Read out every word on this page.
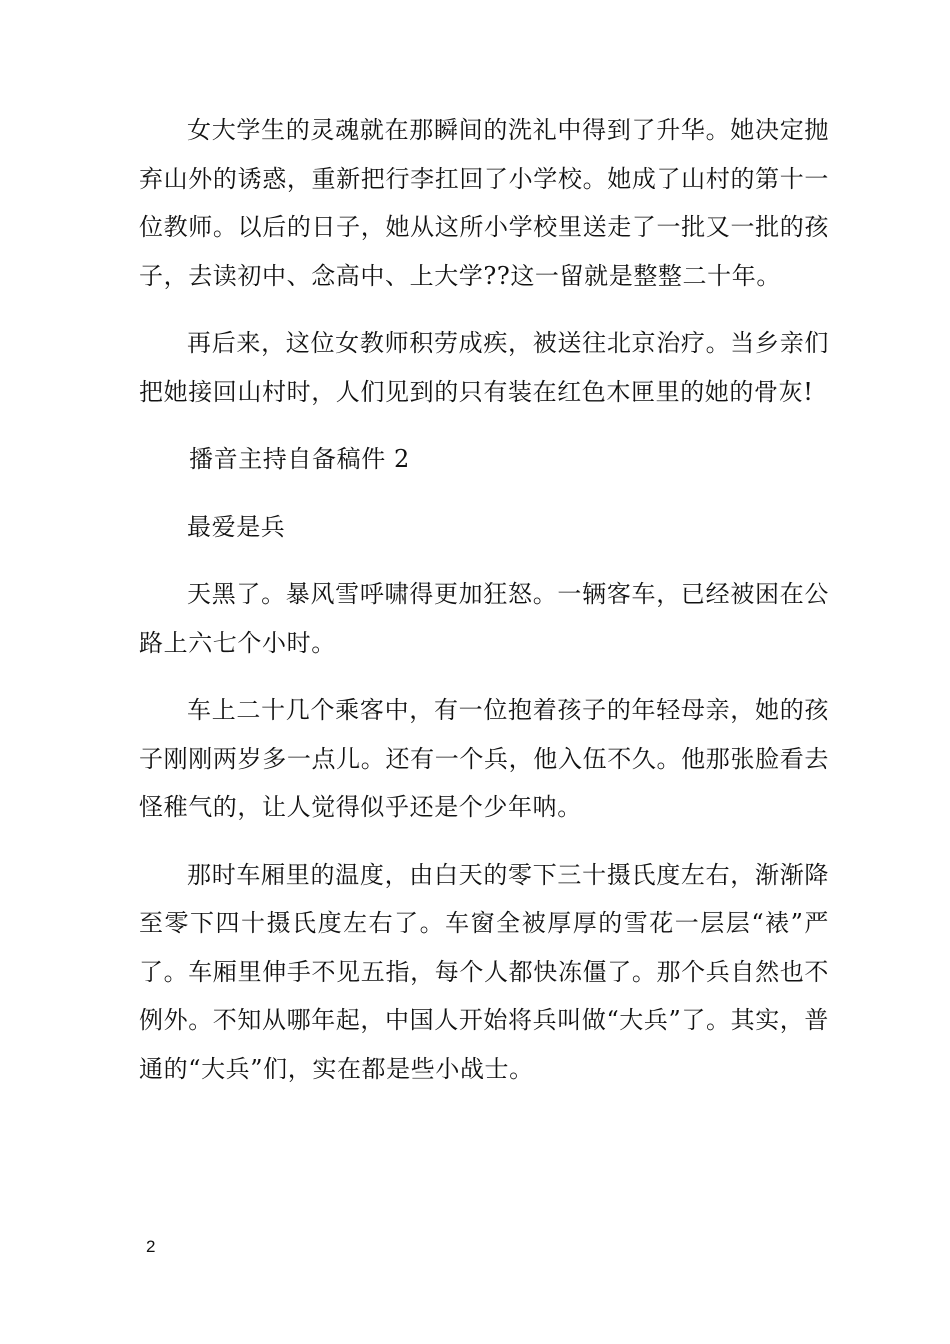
女大学生的灵魂就在那瞬间的洗礼中得到了升华。她决定抛弃山外的诱惑，重新把行李扛回了小学校。她成了山村的第十一位教师。以后的日子，她从这所小学校里送走了一批又一批的孩子，去读初中、念高中、上大学??这一留就是整整二十年。

再后来，这位女教师积劳成疾，被送往北京治疗。当乡亲们把她接回山村时，人们见到的只有装在红色木匣里的她的骨灰!

播音主持自备稿件 2

最爱是兵

天黑了。暴风雪呼啸得更加狂怒。一辆客车，已经被困在公路上六七个小时。

车上二十几个乘客中，有一位抱着孩子的年轻母亲，她的孩子刚刚两岁多一点儿。还有一个兵，他入伍不久。他那张脸看去怪稚气的，让人觉得似乎还是个少年呐。

那时车厢里的温度，由白天的零下三十摄氏度左右，渐渐降至零下四十摄氏度左右了。车窗全被厚厚的雪花一层层“裱”严了。车厢里伸手不见五指，每个人都快冻僵了。那个兵自然也不例外。不知从哪年起，中国人开始将兵叫做“大兵”了。其实，普通的“大兵”们，实在都是些小战士。

2
